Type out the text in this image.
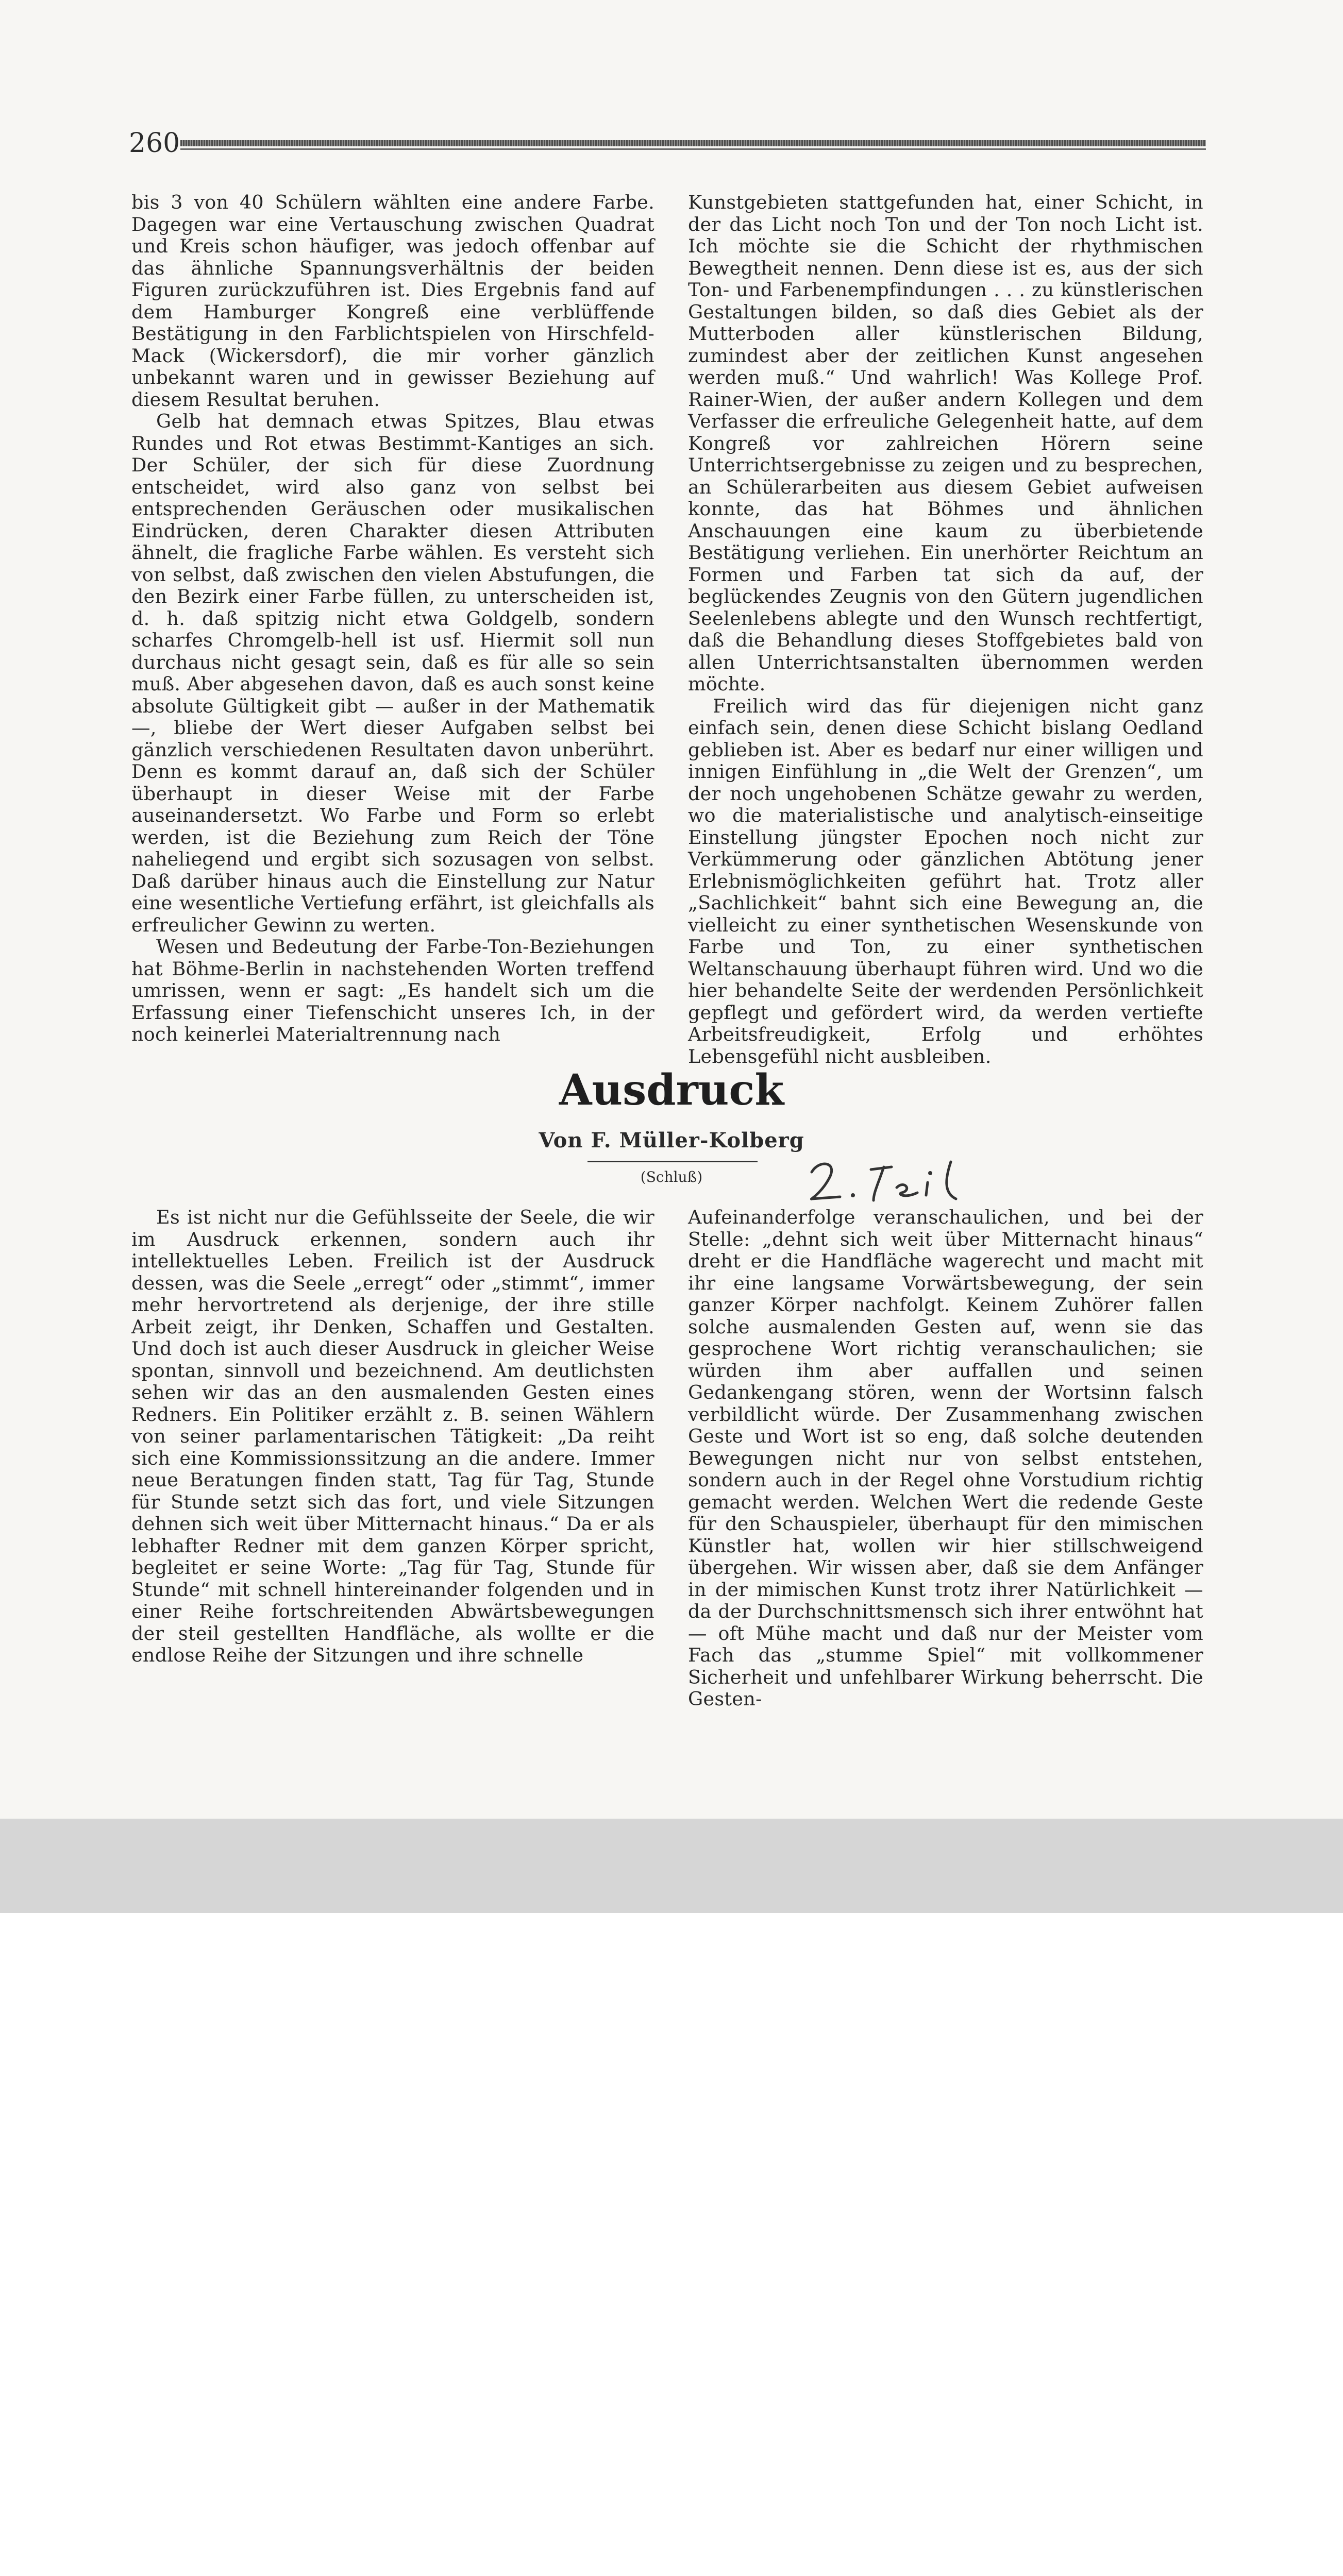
260

bis 3 von 40 Schülern wählten eine andere Farbe. Dagegen war eine Vertauschung zwischen Quadrat und Kreis schon häufiger, was jedoch offenbar auf das ähnliche Spannungsverhältnis der beiden Figuren zurückzuführen ist. Dies Ergebnis fand auf dem Hamburger Kongreß eine verblüffende Bestätigung in den Farblichtspielen von Hirschfeld-Mack (Wickersdorf), die mir vorher gänzlich unbekannt waren und in gewisser Beziehung auf diesem Resultat beruhen.

Gelb hat demnach etwas Spitzes, Blau etwas Rundes und Rot etwas Bestimmt-Kantiges an sich. Der Schüler, der sich für diese Zuordnung entscheidet, wird also ganz von selbst bei entsprechenden Geräuschen oder musikalischen Eindrücken, deren Charakter diesen Attributen ähnelt, die fragliche Farbe wählen. Es versteht sich von selbst, daß zwischen den vielen Abstufungen, die den Bezirk einer Farbe füllen, zu unterscheiden ist, d. h. daß spitzig nicht etwa Goldgelb, sondern scharfes Chromgelb-hell ist usf. Hiermit soll nun durchaus nicht gesagt sein, daß es für alle so sein muß. Aber abgesehen davon, daß es auch sonst keine absolute Gültigkeit gibt — außer in der Mathematik —, bliebe der Wert dieser Aufgaben selbst bei gänzlich verschiedenen Resultaten davon unberührt. Denn es kommt darauf an, daß sich der Schüler überhaupt in dieser Weise mit der Farbe auseinandersetzt. Wo Farbe und Form so erlebt werden, ist die Beziehung zum Reich der Töne naheliegend und ergibt sich sozusagen von selbst. Daß darüber hinaus auch die Einstellung zur Natur eine wesentliche Vertiefung erfährt, ist gleichfalls als erfreulicher Gewinn zu werten.

Wesen und Bedeutung der Farbe-Ton-Beziehungen hat Böhme-Berlin in nachstehenden Worten treffend umrissen, wenn er sagt: „Es handelt sich um die Erfassung einer Tiefenschicht unseres Ich, in der noch keinerlei Materialtrennung nach

Kunstgebieten stattgefunden hat, einer Schicht, in der das Licht noch Ton und der Ton noch Licht ist. Ich möchte sie die Schicht der rhythmischen Bewegtheit nennen. Denn diese ist es, aus der sich Ton- und Farbenempfindungen . . . zu künstlerischen Gestaltungen bilden, so daß dies Gebiet als der Mutterboden aller künstlerischen Bildung, zumindest aber der zeitlichen Kunst angesehen werden muß.“ Und wahrlich! Was Kollege Prof. Rainer-Wien, der außer andern Kollegen und dem Verfasser die erfreuliche Gelegenheit hatte, auf dem Kongreß vor zahlreichen Hörern seine Unterrichtsergebnisse zu zeigen und zu besprechen, an Schülerarbeiten aus diesem Gebiet aufweisen konnte, das hat Böhmes und ähnlichen Anschauungen eine kaum zu überbietende Bestätigung verliehen. Ein unerhörter Reichtum an Formen und Farben tat sich da auf, der beglückendes Zeugnis von den Gütern jugendlichen Seelenlebens ablegte und den Wunsch rechtfertigt, daß die Behandlung dieses Stoffgebietes bald von allen Unterrichtsanstalten übernommen werden möchte.

Freilich wird das für diejenigen nicht ganz einfach sein, denen diese Schicht bislang Oedland geblieben ist. Aber es bedarf nur einer willigen und innigen Einfühlung in „die Welt der Grenzen“, um der noch ungehobenen Schätze gewahr zu werden, wo die materialistische und analytisch-einseitige Einstellung jüngster Epochen noch nicht zur Verkümmerung oder gänzlichen Abtötung jener Erlebnismöglichkeiten geführt hat. Trotz aller „Sachlichkeit“ bahnt sich eine Bewegung an, die vielleicht zu einer synthetischen Wesenskunde von Farbe und Ton, zu einer synthetischen Weltanschauung überhaupt führen wird. Und wo die hier behandelte Seite der werdenden Persönlichkeit gepflegt und gefördert wird, da werden vertiefte Arbeitsfreudigkeit, Erfolg und erhöhtes Lebensgefühl nicht ausbleiben.

Ausdruck
Von F. Müller-Kolberg
(Schluß)

Es ist nicht nur die Gefühlsseite der Seele, die wir im Ausdruck erkennen, sondern auch ihr intellektuelles Leben. Freilich ist der Ausdruck dessen, was die Seele „erregt“ oder „stimmt“, immer mehr hervortretend als derjenige, der ihre stille Arbeit zeigt, ihr Denken, Schaffen und Gestalten. Und doch ist auch dieser Ausdruck in gleicher Weise spontan, sinnvoll und bezeichnend. Am deutlichsten sehen wir das an den ausmalenden Gesten eines Redners. Ein Politiker erzählt z. B. seinen Wählern von seiner parlamentarischen Tätigkeit: „Da reiht sich eine Kommissionssitzung an die andere. Immer neue Beratungen finden statt, Tag für Tag, Stunde für Stunde setzt sich das fort, und viele Sitzungen dehnen sich weit über Mitternacht hinaus.“ Da er als lebhafter Redner mit dem ganzen Körper spricht, begleitet er seine Worte: „Tag für Tag, Stunde für Stunde“ mit schnell hintereinander folgenden und in einer Reihe fortschreitenden Abwärtsbewegungen der steil gestellten Handfläche, als wollte er die endlose Reihe der Sitzungen und ihre schnelle

Aufeinanderfolge veranschaulichen, und bei der Stelle: „dehnt sich weit über Mitternacht hinaus“ dreht er die Handfläche wagerecht und macht mit ihr eine langsame Vorwärtsbewegung, der sein ganzer Körper nachfolgt. Keinem Zuhörer fallen solche ausmalenden Gesten auf, wenn sie das gesprochene Wort richtig veranschaulichen; sie würden ihm aber auffallen und seinen Gedankengang stören, wenn der Wortsinn falsch verbildlicht würde. Der Zusammenhang zwischen Geste und Wort ist so eng, daß solche deutenden Bewegungen nicht nur von selbst entstehen, sondern auch in der Regel ohne Vorstudium richtig gemacht werden. Welchen Wert die redende Geste für den Schauspieler, überhaupt für den mimischen Künstler hat, wollen wir hier stillschweigend übergehen. Wir wissen aber, daß sie dem Anfänger in der mimischen Kunst trotz ihrer Natürlichkeit — da der Durchschnittsmensch sich ihrer entwöhnt hat — oft Mühe macht und daß nur der Meister vom Fach das „stumme Spiel“ mit vollkommener Sicherheit und unfehlbarer Wirkung beherrscht. Die Gesten-
